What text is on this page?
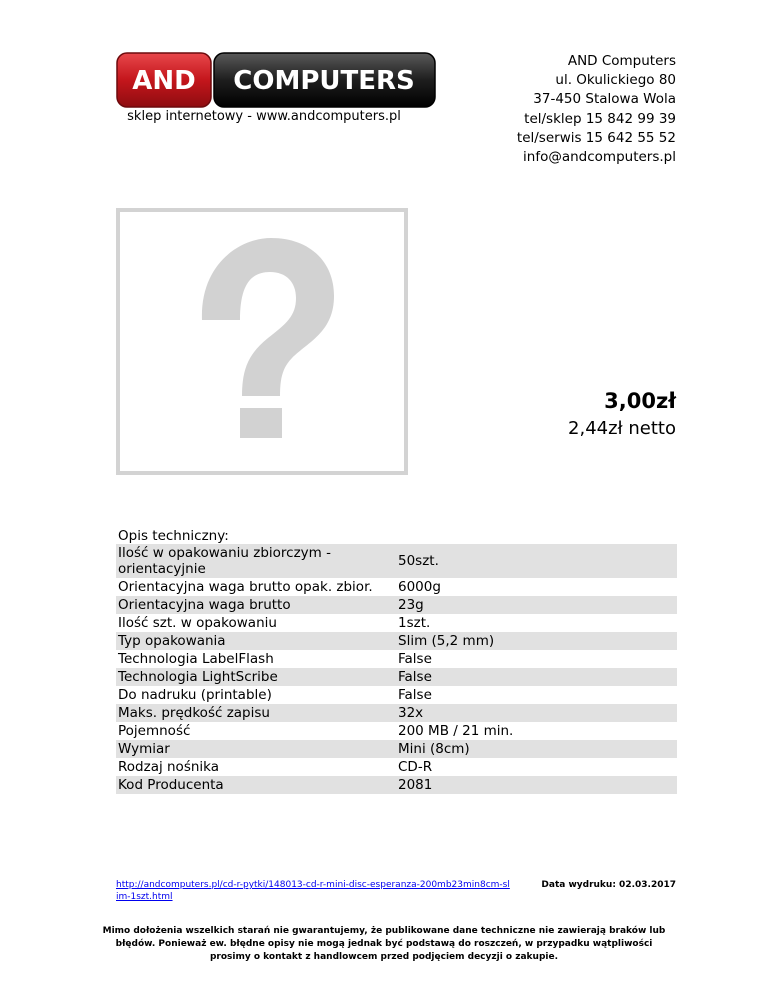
AND COMPUTERS
sklep internetowy - www.andcomputers.pl
AND Computers
ul. Okulickiego 80
37-450 Stalowa Wola
tel/sklep 15 842 99 39
tel/serwis 15 642 55 52
info@andcomputers.pl
3,00zł
2,44zł netto
Opis techniczny:
Ilość w opakowaniu zbiorczym - orientacyjnie	50szt.
Orientacyjna waga brutto opak. zbior.	6000g
Orientacyjna waga brutto	23g
Ilość szt. w opakowaniu	1szt.
Typ opakowania	Slim (5,2 mm)
Technologia LabelFlash	False
Technologia LightScribe	False
Do nadruku (printable)	False
Maks. prędkość zapisu	32x
Pojemność	200 MB / 21 min.
Wymiar	Mini (8cm)
Rodzaj nośnika	CD-R
Kod Producenta	2081
http://andcomputers.pl/cd-r-pytki/148013-cd-r-mini-disc-esperanza-200mb23min8cm-slim-1szt.html
Data wydruku: 02.03.2017
Mimo dołożenia wszelkich starań nie gwarantujemy, że publikowane dane techniczne nie zawierają braków lub błędów. Ponieważ ew. błędne opisy nie mogą jednak być podstawą do roszczeń, w przypadku wątpliwości prosimy o kontakt z handlowcem przed podjęciem decyzji o zakupie.
